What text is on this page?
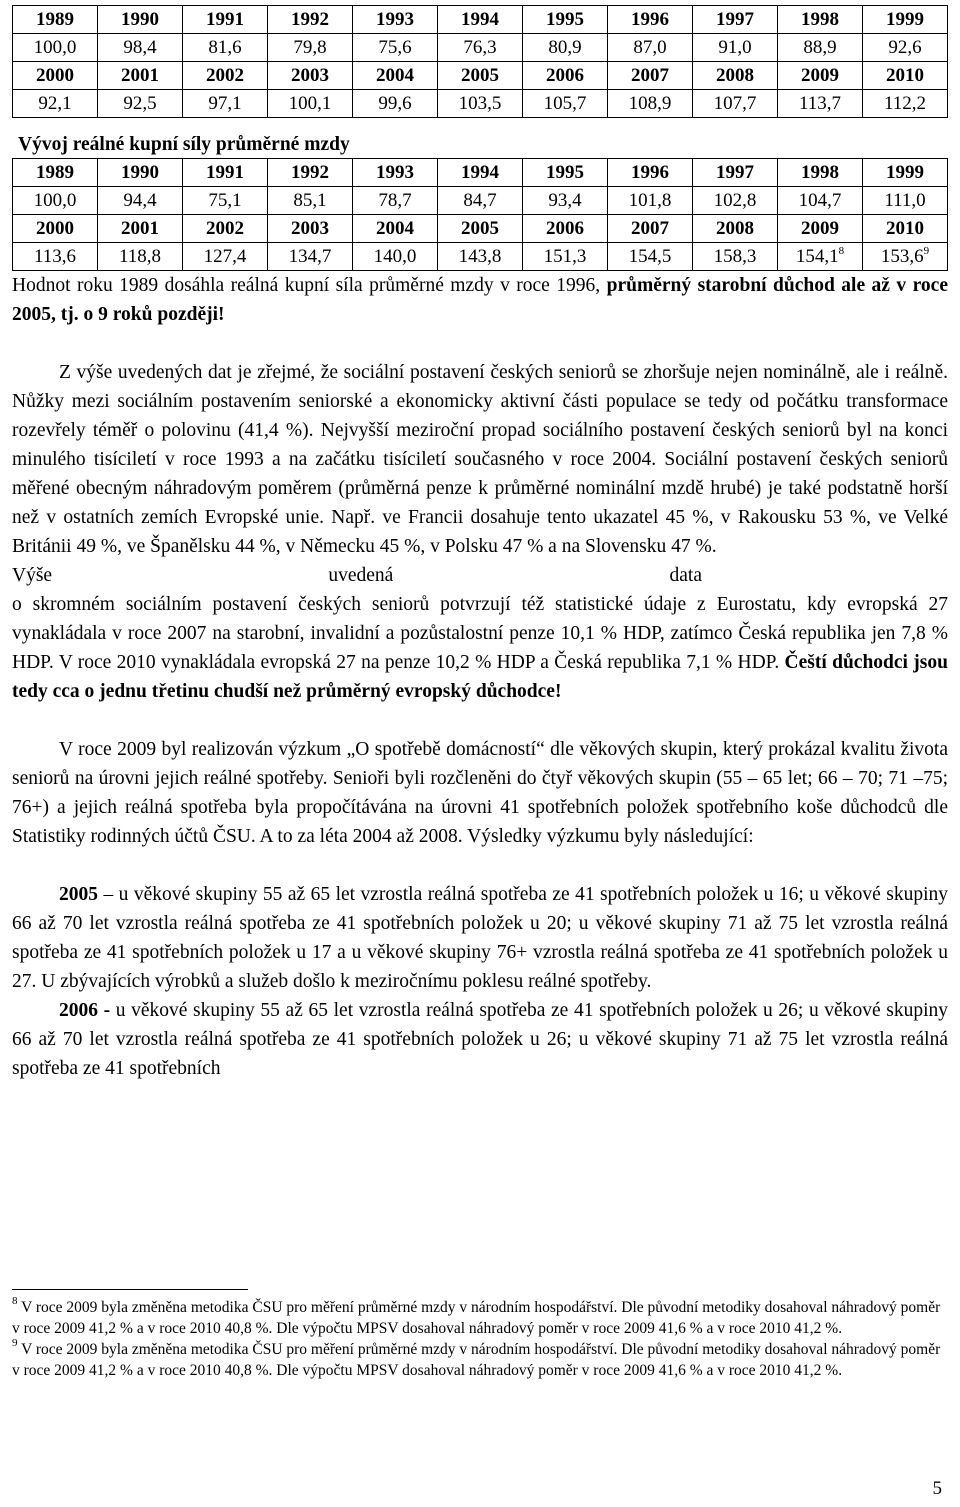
1989	1990	1991	1992	1993	1994	1995	1996	1997	1998	1999
100,0	98,4	81,6	79,8	75,6	76,3	80,9	87,0	91,0	88,9	92,6
2000	2001	2002	2003	2004	2005	2006	2007	2008	2009	2010
92,1	92,5	97,1	100,1	99,6	103,5	105,7	108,9	107,7	113,7	112,2
Vývoj reálné kupní síly průměrné mzdy
1989	1990	1991	1992	1993	1994	1995	1996	1997	1998	1999
100,0	94,4	75,1	85,1	78,7	84,7	93,4	101,8	102,8	104,7	111,0
2000	2001	2002	2003	2004	2005	2006	2007	2008	2009	2010
113,6	118,8	127,4	134,7	140,0	143,8	151,3	154,5	158,3	154,1$^8$	153,6$^9$

Hodnot roku 1989 dosáhla reálná kupní síla průměrné mzdy v roce 1996, průměrný starobní důchod ale až v roce 2005, tj. o 9 roků později!

Z výše uvedených dat je zřejmé, že sociální postavení českých seniorů se zhoršuje nejen nominálně, ale i reálně. Nůžky mezi sociálním postavením seniorské a ekonomicky aktivní části populace se tedy od počátku transformace rozevřely téměř o polovinu (41,4 %). Nejvyšší meziroční propad sociálního postavení českých seniorů byl na konci minulého tisíciletí v roce 1993 a na začátku tisíciletí současného v roce 2004. Sociální postavení českých seniorů měřené obecným náhradovým poměrem (průměrná penze k průměrné nominální mzdě hrubé) je také podstatně horší než v ostatních zemích Evropské unie. Např. ve Francii dosahuje tento ukazatel 45 %, v Rakousku 53 %, ve Velké Británii 49 %, ve Španělsku 44 %, v Německu 45 %, v Polsku 47 % a na Slovensku 47 %.

Výše	uvedená	data

o skromném sociálním postavení českých seniorů potvrzují též statistické údaje z Eurostatu, kdy evropská 27 vynakládala v roce 2007 na starobní, invalidní a pozůstalostní penze 10,1 % HDP, zatímco Česká republika jen 7,8 % HDP. V roce 2010 vynakládala evropská 27 na penze 10,2 % HDP a Česká republika 7,1 % HDP. Čeští důchodci jsou tedy cca o jednu třetinu chudší než průměrný evropský důchodce!

V roce 2009 byl realizován výzkum „O spotřebě domácností“ dle věkových skupin, který prokázal kvalitu života seniorů na úrovni jejich reálné spotřeby. Senioři byli rozčleněni do čtyř věkových skupin (55 – 65 let; 66 – 70; 71 –75; 76+) a jejich reálná spotřeba byla propočítávána na úrovni 41 spotřebních položek spotřebního koše důchodců dle Statistiky rodinných účtů ČSU. A to za léta 2004 až 2008. Výsledky výzkumu byly následující:

2005 – u věkové skupiny 55 až 65 let vzrostla reálná spotřeba ze 41 spotřebních položek u 16; u věkové skupiny 66 až 70 let vzrostla reálná spotřeba ze 41 spotřebních položek u 20; u věkové skupiny 71 až 75 let vzrostla reálná spotřeba ze 41 spotřebních položek u 17 a u věkové skupiny 76+ vzrostla reálná spotřeba ze 41 spotřebních položek u 27. U zbývajících výrobků a služeb došlo k meziročnímu poklesu reálné spotřeby.

2006 - u věkové skupiny 55 až 65 let vzrostla reálná spotřeba ze 41 spotřebních položek u 26; u věkové skupiny 66 až 70 let vzrostla reálná spotřeba ze 41 spotřebních položek u 26; u věkové skupiny 71 až 75 let vzrostla reálná spotřeba ze 41 spotřebních

$^8$ V roce 2009 byla změněna metodika ČSU pro měření průměrné mzdy v národním hospodářství. Dle původní metodiky dosahoval náhradový poměr v roce 2009 41,2 % a v roce 2010 40,8 %. Dle výpočtu MPSV dosahoval náhradový poměr v roce 2009 41,6 % a v roce 2010 41,2 %.

$^9$ V roce 2009 byla změněna metodika ČSU pro měření průměrné mzdy v národním hospodářství. Dle původní metodiky dosahoval náhradový poměr v roce 2009 41,2 % a v roce 2010 40,8 %. Dle výpočtu MPSV dosahoval náhradový poměr v roce 2009 41,6 % a v roce 2010 41,2 %.

5
